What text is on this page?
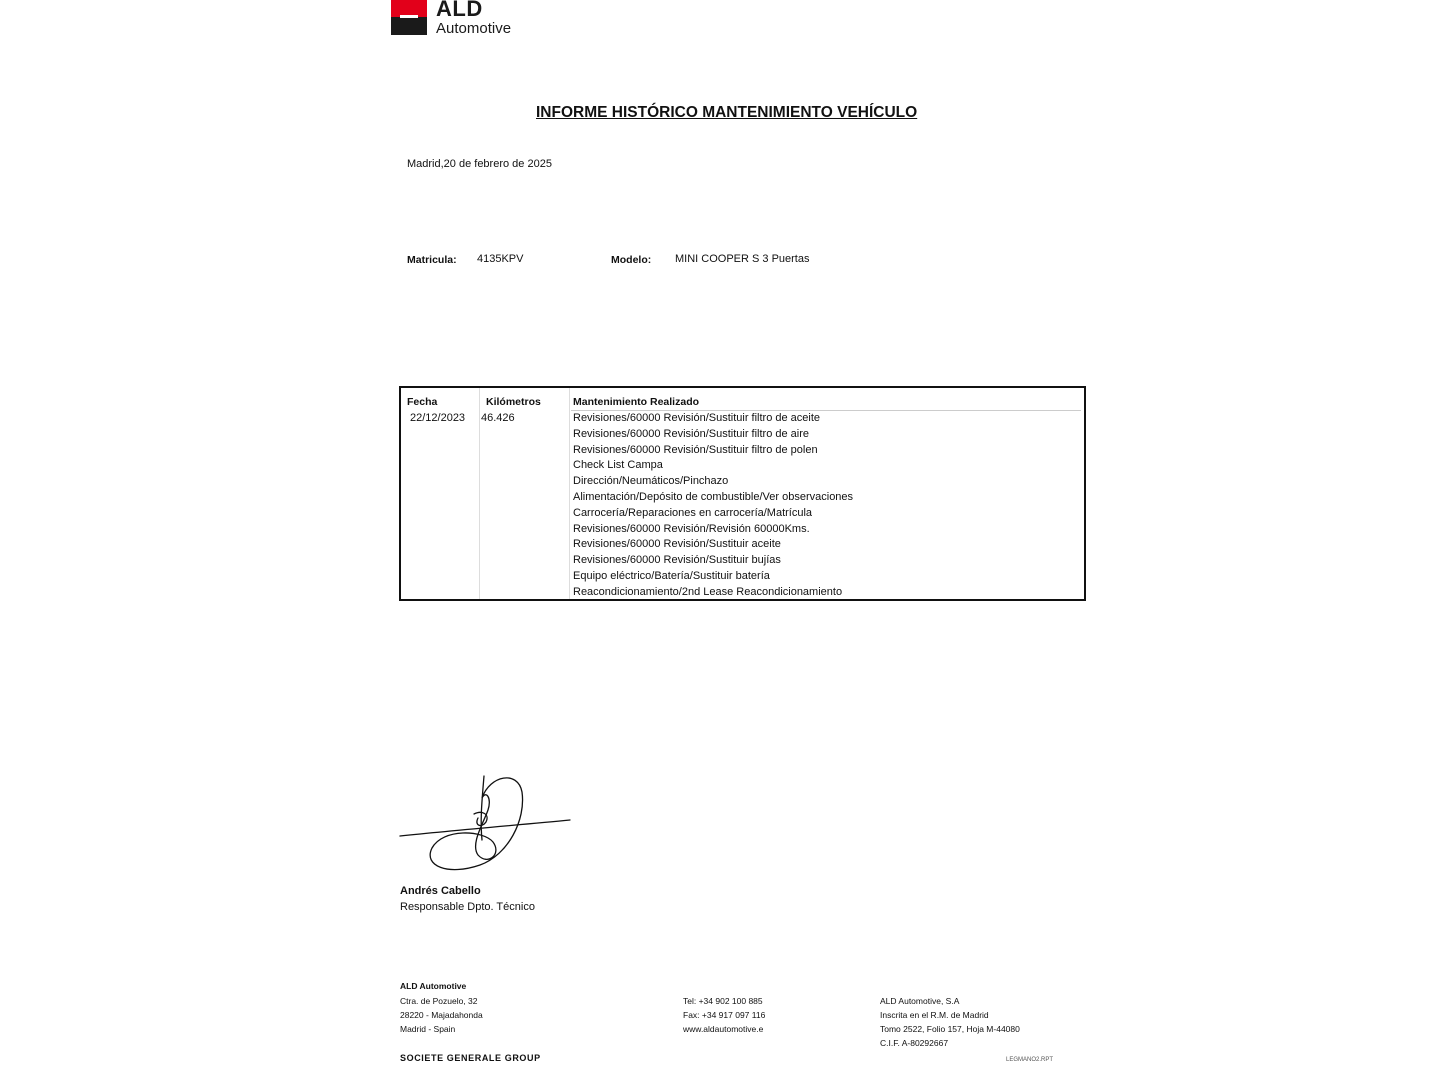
ALD
Automotive
INFORME HISTÓRICO MANTENIMIENTO VEHÍCULO
Madrid,20 de febrero de 2025
Matricula: 4135KPV	Modelo: MINI COOPER S 3 Puertas
Fecha	Kilómetros	Mantenimiento Realizado
22/12/2023 46.426	Revisiones/60000 Revisión/Sustituir filtro de aceite
Revisiones/60000 Revisión/Sustituir filtro de aire
Revisiones/60000 Revisión/Sustituir filtro de polen
Check List Campa
Dirección/Neumáticos/Pinchazo
Alimentación/Depósito de combustible/Ver observaciones
Carrocería/Reparaciones en carrocería/Matrícula
Revisiones/60000 Revisión/Revisión 60000Kms.
Revisiones/60000 Revisión/Sustituir aceite
Revisiones/60000 Revisión/Sustituir bujías
Equipo eléctrico/Batería/Sustituir batería
Reacondicionamiento/2nd Lease Reacondicionamiento
Andrés Cabello
Responsable Dpto. Técnico
ALD Automotive
Ctra. de Pozuelo, 32
28220 - Majadahonda
Madrid - Spain
Tel: +34 902 100 885
Fax: +34 917 097 116
www.aldautomotive.e
ALD Automotive, S.A
Inscrita en el R.M. de Madrid
Tomo 2522, Folio 157, Hoja M-44080
C.I.F. A-80292667
SOCIETE GENERALE GROUP	LEGMANO2.RPT
